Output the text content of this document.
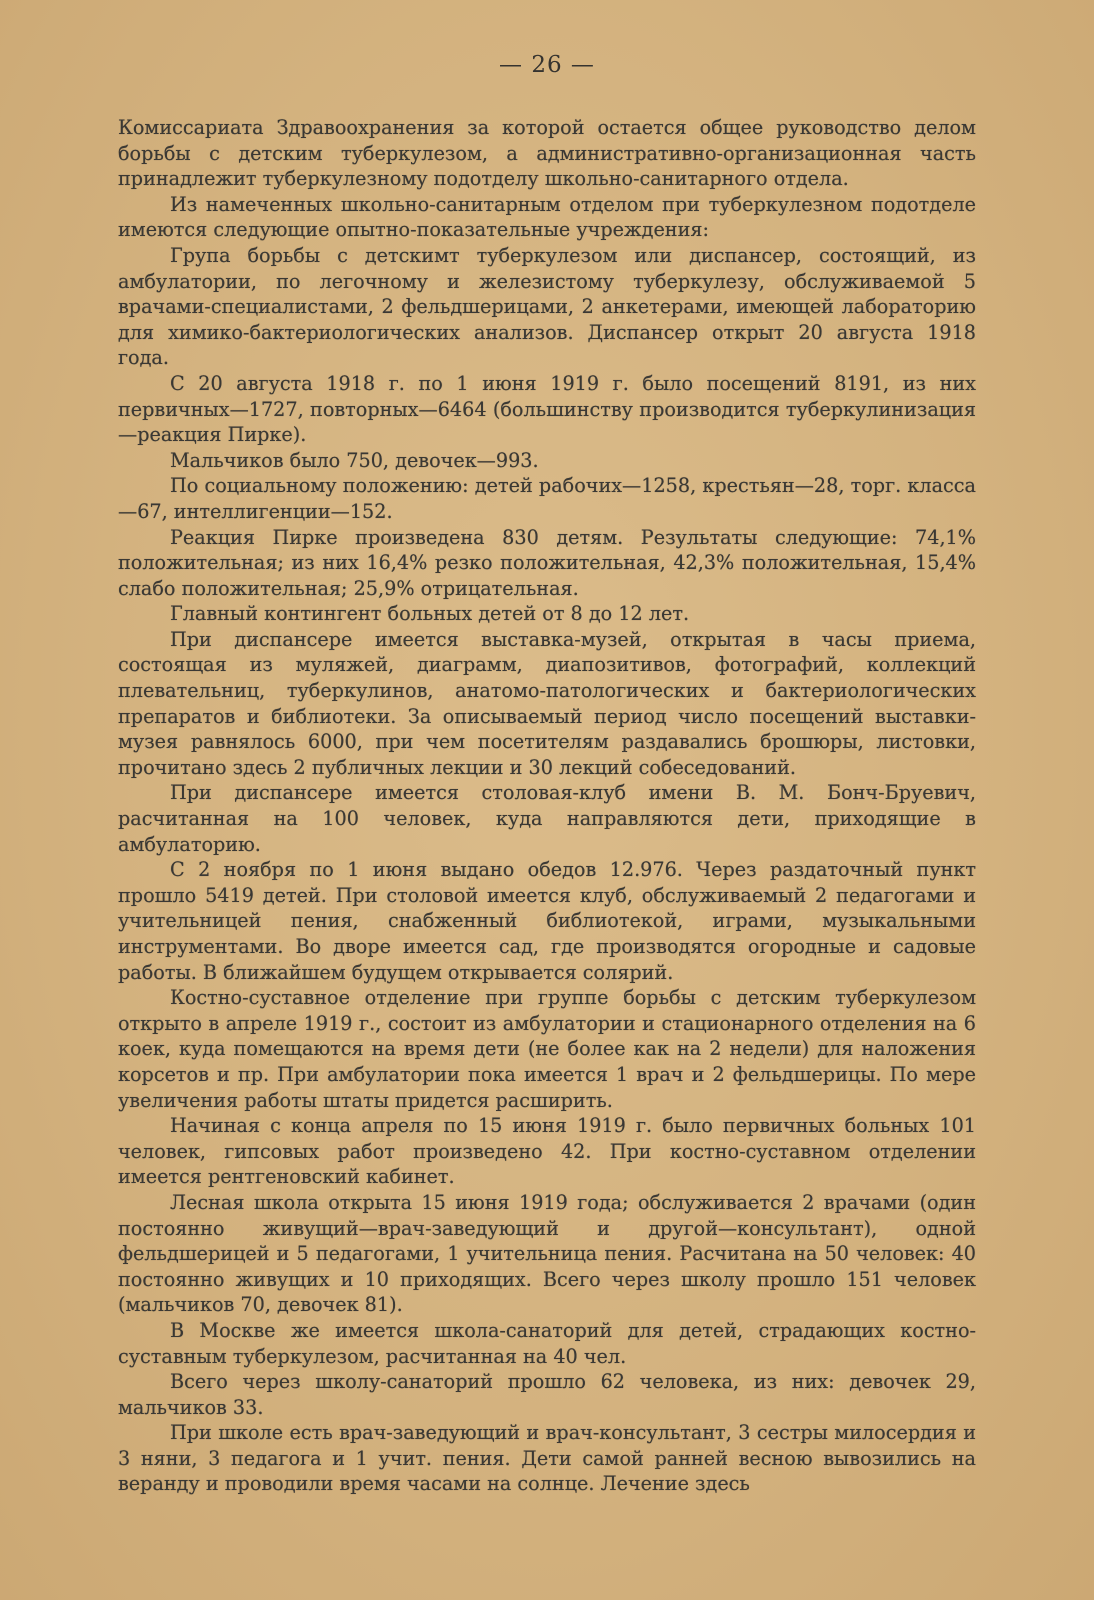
— 26 —

Комиссариата Здравоохранения за которой остается общее руководство делом борьбы с детским туберкулезом, а административно-организационная часть принадлежит туберкулезному подотделу школьно-санитарного отдела.

Из намеченных школьно-санитарным отделом при туберкулезном подотделе имеются следующие опытно-показательные учреждения:

Група борьбы с детскимт туберкулезом или диспансер, состоящий, из амбулатории, по легочному и железистому туберкулезу, обслуживаемой 5 врачами-специалистами, 2 фельдшерицами, 2 анкетерами, имеющей лабораторию для химико-бактериологических анализов. Диспансер открыт 20 августа 1918 года.

С 20 августа 1918 г. по 1 июня 1919 г. было посещений 8191, из них первичных—1727, повторных—6464 (большинству производится туберкулинизация—реакция Пирке).

Мальчиков было 750, девочек—993.

По социальному положению: детей рабочих—1258, крестьян—28, торг. класса—67, интеллигенции—152.

Реакция Пирке произведена 830 детям. Результаты следующие: 74,1% положительная; из них 16,4% резко положительная, 42,3% положительная, 15,4% слабо положительная; 25,9% отрицательная.

Главный контингент больных детей от 8 до 12 лет.

При диспансере имеется выставка-музей, открытая в часы приема, состоящая из муляжей, диаграмм, диапозитивов, фотографий, коллекций плевательниц, туберкулинов, анатомо-патологических и бактериологических препаратов и библиотеки. За описываемый период число посещений выставки-музея равнялось 6000, при чем посетителям раздавались брошюры, листовки, прочитано здесь 2 публичных лекции и 30 лекций собеседований.

При диспансере имеется столовая-клуб имени В. М. Бонч-Бруевич, расчитанная на 100 человек, куда направляются дети, приходящие в амбулаторию.

С 2 ноября по 1 июня выдано обедов 12.976. Через раздаточный пункт прошло 5419 детей. При столовой имеется клуб, обслуживаемый 2 педагогами и учительницей пения, снабженный библиотекой, играми, музыкальными инструментами. Во дворе имеется сад, где производятся огородные и садовые работы. В ближайшем будущем открывается солярий.

Костно-суставное отделение при группе борьбы с детским туберкулезом открыто в апреле 1919 г., состоит из амбулатории и стационарного отделения на 6 коек, куда помещаются на время дети (не более как на 2 недели) для наложения корсетов и пр. При амбулатории пока имеется 1 врач и 2 фельдшерицы. По мере увеличения работы штаты придется расширить.

Начиная с конца апреля по 15 июня 1919 г. было первичных больных 101 человек, гипсовых работ произведено 42. При костно-суставном отделении имеется рентгеновский кабинет.

Лесная школа открыта 15 июня 1919 года; обслуживается 2 врачами (один постоянно живущий—врач-заведующий и другой—консультант), одной фельдшерицей и 5 педагогами, 1 учительница пения. Расчитана на 50 человек: 40 постоянно живущих и 10 приходящих. Всего через школу прошло 151 человек (мальчиков 70, девочек 81).

В Москве же имеется школа-санаторий для детей, страдающих костно-суставным туберкулезом, расчитанная на 40 чел.

Всего через школу-санаторий прошло 62 человека, из них: девочек 29, мальчиков 33.

При школе есть врач-заведующий и врач-консультант, 3 сестры милосердия и 3 няни, 3 педагога и 1 учит. пения. Дети самой ранней весною вывозились на веранду и проводили время часами на солнце. Лечение здесь
